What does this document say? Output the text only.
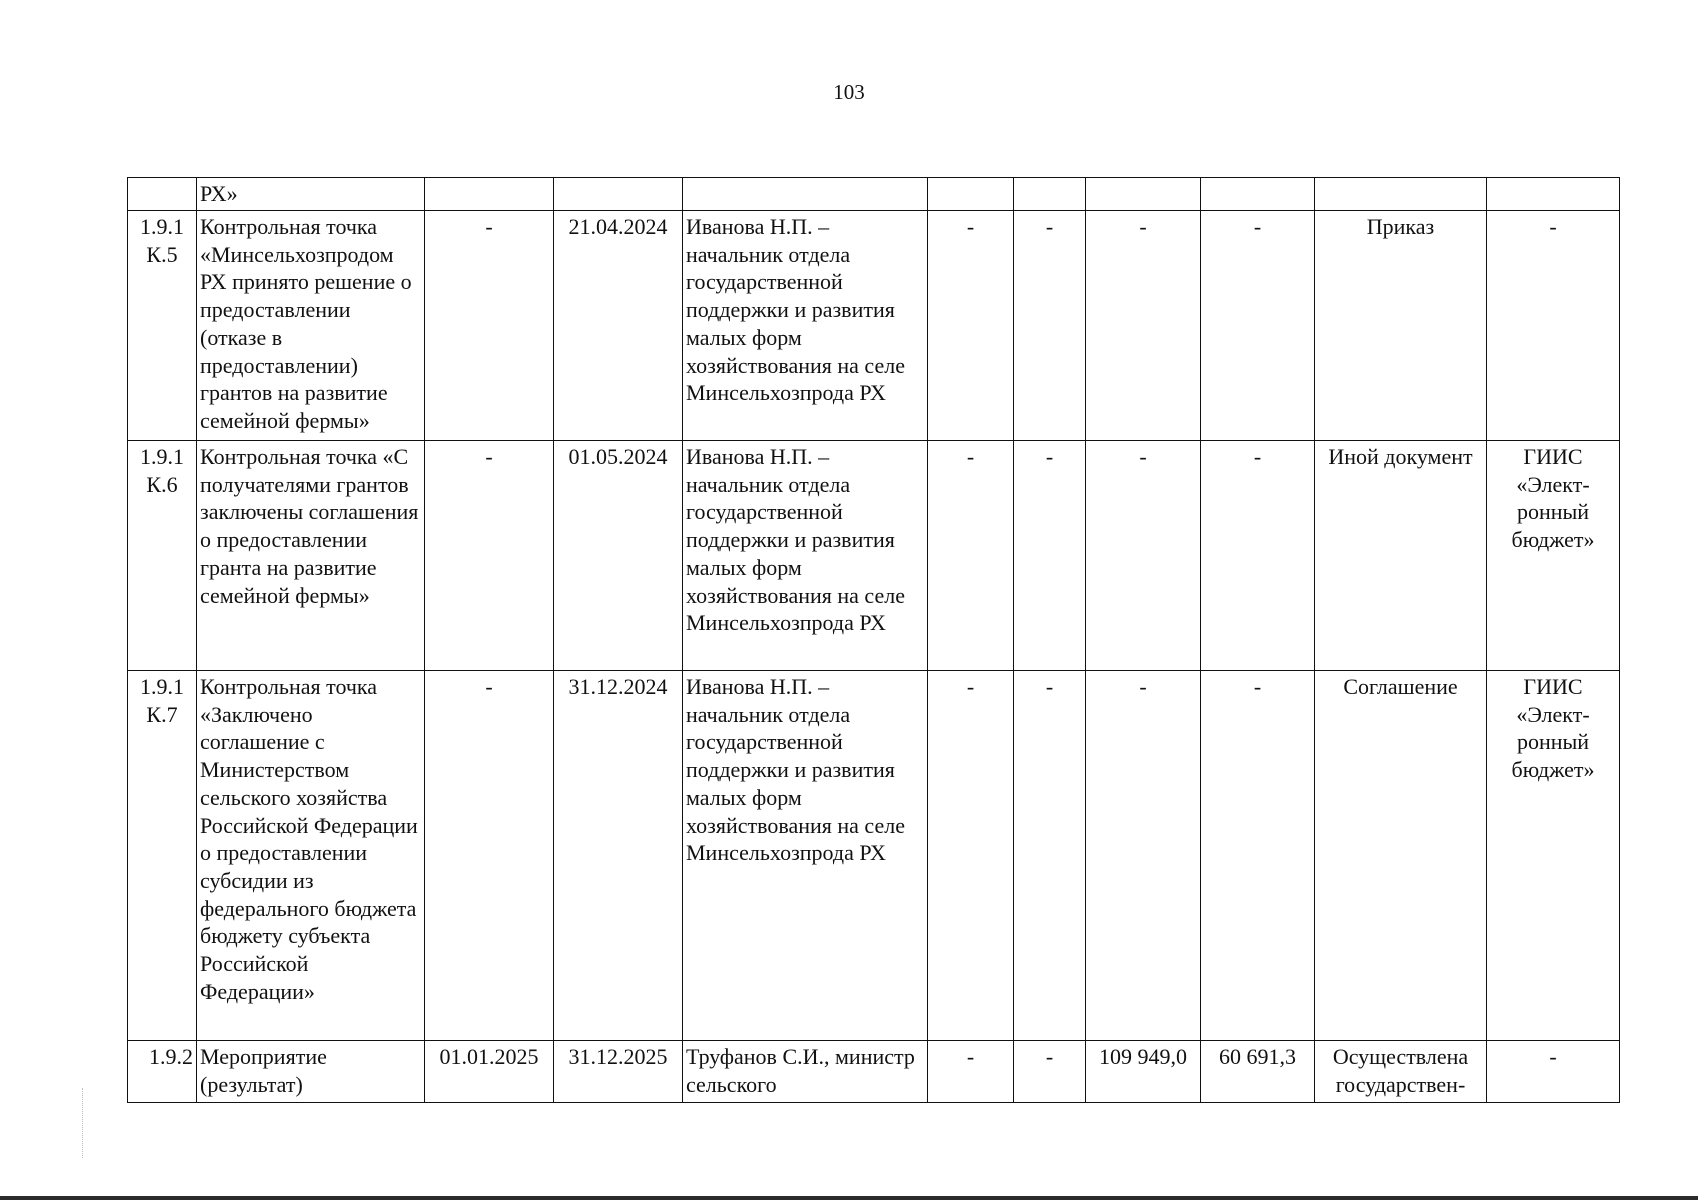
103
	РХ»									
1.9.1 К.5	Контрольная точка «Минсельхозпродом РХ принято решение о предоставлении (отказе в предоставлении) грантов на развитие семейной фермы»	-	21.04.2024	Иванова Н.П. – начальник отдела государственной поддержки и развития малых форм хозяйствования на селе Минсельхозпрода РХ	-	-	-	-	Приказ	-
1.9.1 К.6	Контрольная точка «С получателями грантов заключены соглашения о предоставлении гранта на развитие семейной фермы»	-	01.05.2024	Иванова Н.П. – начальник отдела государственной поддержки и развития малых форм хозяйствования на селе Минсельхозпрода РХ	-	-	-	-	Иной документ	ГИИС «Элект-ронный бюджет»
1.9.1 К.7	Контрольная точка «Заключено соглашение с Министерством сельского хозяйства Российской Федерации о предоставлении субсидии из федерального бюджета бюджету субъекта Российской Федерации»	-	31.12.2024	Иванова Н.П. – начальник отдела государственной поддержки и развития малых форм хозяйствования на селе Минсельхозпрода РХ	-	-	-	-	Соглашение	ГИИС «Элект-ронный бюджет»
1.9.2	Мероприятие (результат)	01.01.2025	31.12.2025	Труфанов С.И., министр сельского	-	-	109 949,0	60 691,3	Осуществлена государствен-	-
